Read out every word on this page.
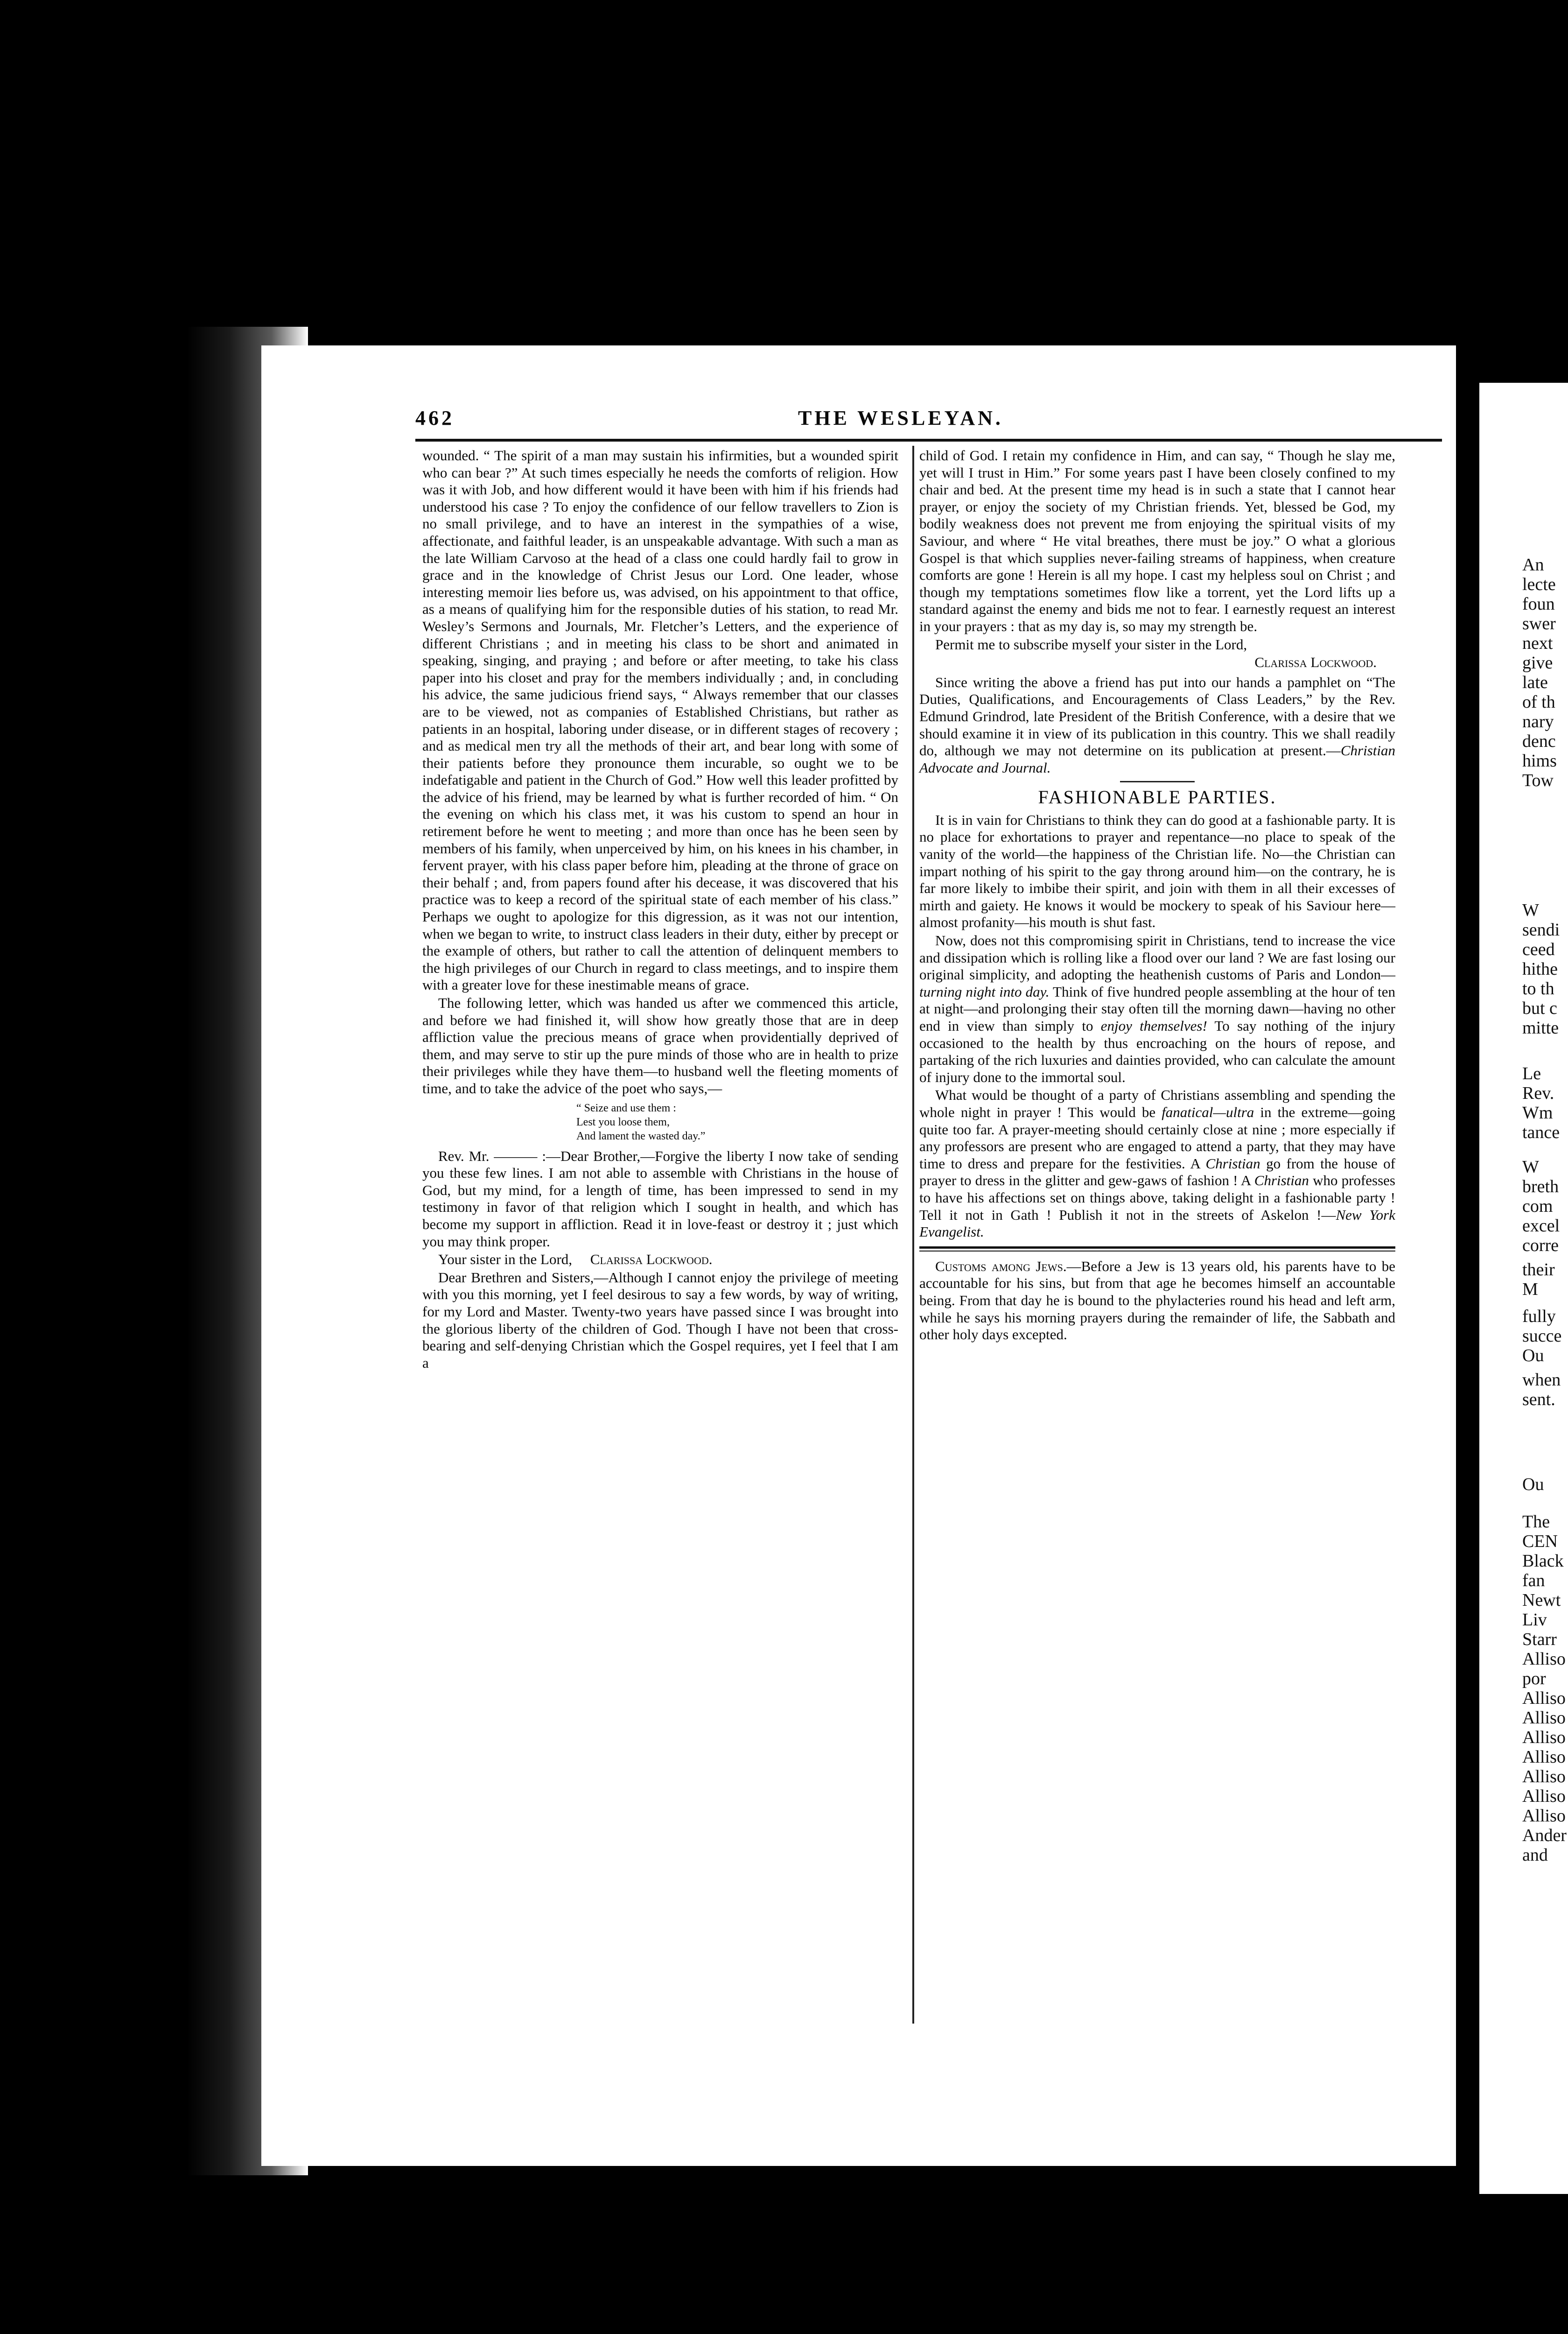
462	THE WESLEYAN.

wounded. “ The spirit of a man may sustain his infirmities, but a wounded spirit who can bear ?” At such times especially he needs the comforts of religion. How was it with Job, and how different would it have been with him if his friends had understood his case ? To enjoy the confidence of our fellow travellers to Zion is no small privilege, and to have an interest in the sympathies of a wise, affectionate, and faithful leader, is an unspeakable advantage. With such a man as the late William Carvoso at the head of a class one could hardly fail to grow in grace and in the knowledge of Christ Jesus our Lord. One leader, whose interesting memoir lies before us, was advised, on his appointment to that office, as a means of qualifying him for the responsible duties of his station, to read Mr. Wesley’s Sermons and Journals, Mr. Fletcher’s Letters, and the experience of different Christians ; and in meeting his class to be short and animated in speaking, singing, and praying ; and before or after meeting, to take his class paper into his closet and pray for the members individually ; and, in concluding his advice, the same judicious friend says, “ Always remember that our classes are to be viewed, not as companies of Established Christians, but rather as patients in an hospital, laboring under disease, or in different stages of recovery ; and as medical men try all the methods of their art, and bear long with some of their patients before they pronounce them incurable, so ought we to be indefatigable and patient in the Church of God.” How well this leader profitted by the advice of his friend, may be learned by what is further recorded of him. “ On the evening on which his class met, it was his custom to spend an hour in retirement before he went to meeting ; and more than once has he been seen by members of his family, when unperceived by him, on his knees in his chamber, in fervent prayer, with his class paper before him, pleading at the throne of grace on their behalf ; and, from papers found after his decease, it was discovered that his practice was to keep a record of the spiritual state of each member of his class.” Perhaps we ought to apologize for this digression, as it was not our intention, when we began to write, to instruct class leaders in their duty, either by precept or the example of others, but rather to call the attention of delinquent members to the high privileges of our Church in regard to class meetings, and to inspire them with a greater love for these inestimable means of grace.

The following letter, which was handed us after we commenced this article, and before we had finished it, will show how greatly those that are in deep affliction value the precious means of grace when providentially deprived of them, and may serve to stir up the pure minds of those who are in health to prize their privileges while they have them—to husband well the fleeting moments of time, and to take the advice of the poet who says,—

“ Seize and use them :
Lest you loose them,
And lament the wasted day.”

Rev. Mr. ——— :—Dear Brother,—Forgive the liberty I now take of sending you these few lines. I am not able to assemble with Christians in the house of God, but my mind, for a length of time, has been impressed to send in my testimony in favor of that religion which I sought in health, and which has become my support in affliction. Read it in love-feast or destroy it ; just which you may think proper.

Your sister in the Lord, Clarissa Lockwood.

Dear Brethren and Sisters,—Although I cannot enjoy the privilege of meeting with you this morning, yet I feel desirous to say a few words, by way of writing, for my Lord and Master. Twenty-two years have passed since I was brought into the glorious liberty of the children of God. Though I have not been that cross-bearing and self-denying Christian which the Gospel requires, yet I feel that I am a

child of God. I retain my confidence in Him, and can say, “ Though he slay me, yet will I trust in Him.” For some years past I have been closely confined to my chair and bed. At the present time my head is in such a state that I cannot hear prayer, or enjoy the society of my Christian friends. Yet, blessed be God, my bodily weakness does not prevent me from enjoying the spiritual visits of my Saviour, and where “ He vital breathes, there must be joy.” O what a glorious Gospel is that which supplies never-failing streams of happiness, when creature comforts are gone ! Herein is all my hope. I cast my helpless soul on Christ ; and though my temptations sometimes flow like a torrent, yet the Lord lifts up a standard against the enemy and bids me not to fear. I earnestly request an interest in your prayers : that as my day is, so may my strength be.

Permit me to subscribe myself your sister in the Lord,

Clarissa Lockwood.

Since writing the above a friend has put into our hands a pamphlet on “The Duties, Qualifications, and Encouragements of Class Leaders,” by the Rev. Edmund Grindrod, late President of the British Conference, with a desire that we should examine it in view of its publication in this country. This we shall readily do, although we may not determine on its publication at present.—Christian Advocate and Journal.

FASHIONABLE PARTIES.

It is in vain for Christians to think they can do good at a fashionable party. It is no place for exhortations to prayer and repentance—no place to speak of the vanity of the world—the happiness of the Christian life. No—the Christian can impart nothing of his spirit to the gay throng around him—on the contrary, he is far more likely to imbibe their spirit, and join with them in all their excesses of mirth and gaiety. He knows it would be mockery to speak of his Saviour here—almost profanity—his mouth is shut fast.

Now, does not this compromising spirit in Christians, tend to increase the vice and dissipation which is rolling like a flood over our land ? We are fast losing our original simplicity, and adopting the heathenish customs of Paris and London—turning night into day. Think of five hundred people assembling at the hour of ten at night—and prolonging their stay often till the morning dawn—having no other end in view than simply to enjoy themselves! To say nothing of the injury occasioned to the health by thus encroaching on the hours of repose, and partaking of the rich luxuries and dainties provided, who can calculate the amount of injury done to the immortal soul.

What would be thought of a party of Christians assembling and spending the whole night in prayer ! This would be fanatical—ultra in the extreme—going quite too far. A prayer-meeting should certainly close at nine ; more especially if any professors are present who are engaged to attend a party, that they may have time to dress and prepare for the festivities. A Christian go from the house of prayer to dress in the glitter and gew-gaws of fashion ! A Christian who professes to have his affections set on things above, taking delight in a fashionable party ! Tell it not in Gath ! Publish it not in the streets of Askelon !—New York Evangelist.

Customs among Jews.—Before a Jew is 13 years old, his parents have to be accountable for his sins, but from that age he becomes himself an accountable being. From that day he is bound to the phylacteries round his head and left arm, while he says his morning prayers during the remainder of life, the Sabbath and other holy days excepted.

An
lecte
foun
swer
next
give
late
of th
nary
denc
hims
Tow
W
sendi
ceed
hithe
to th
but c
mitte
Le
Rev.
Wm
tance
W
breth
com
excel
corre
their
M
fully
succe
Ou
when
sent.
Ou
The
CEN
Black
fan
Newt
Liv
Starr
Alliso
por
Alliso
Alliso
Alliso
Alliso
Alliso
Alliso
Alliso
Ander
and
